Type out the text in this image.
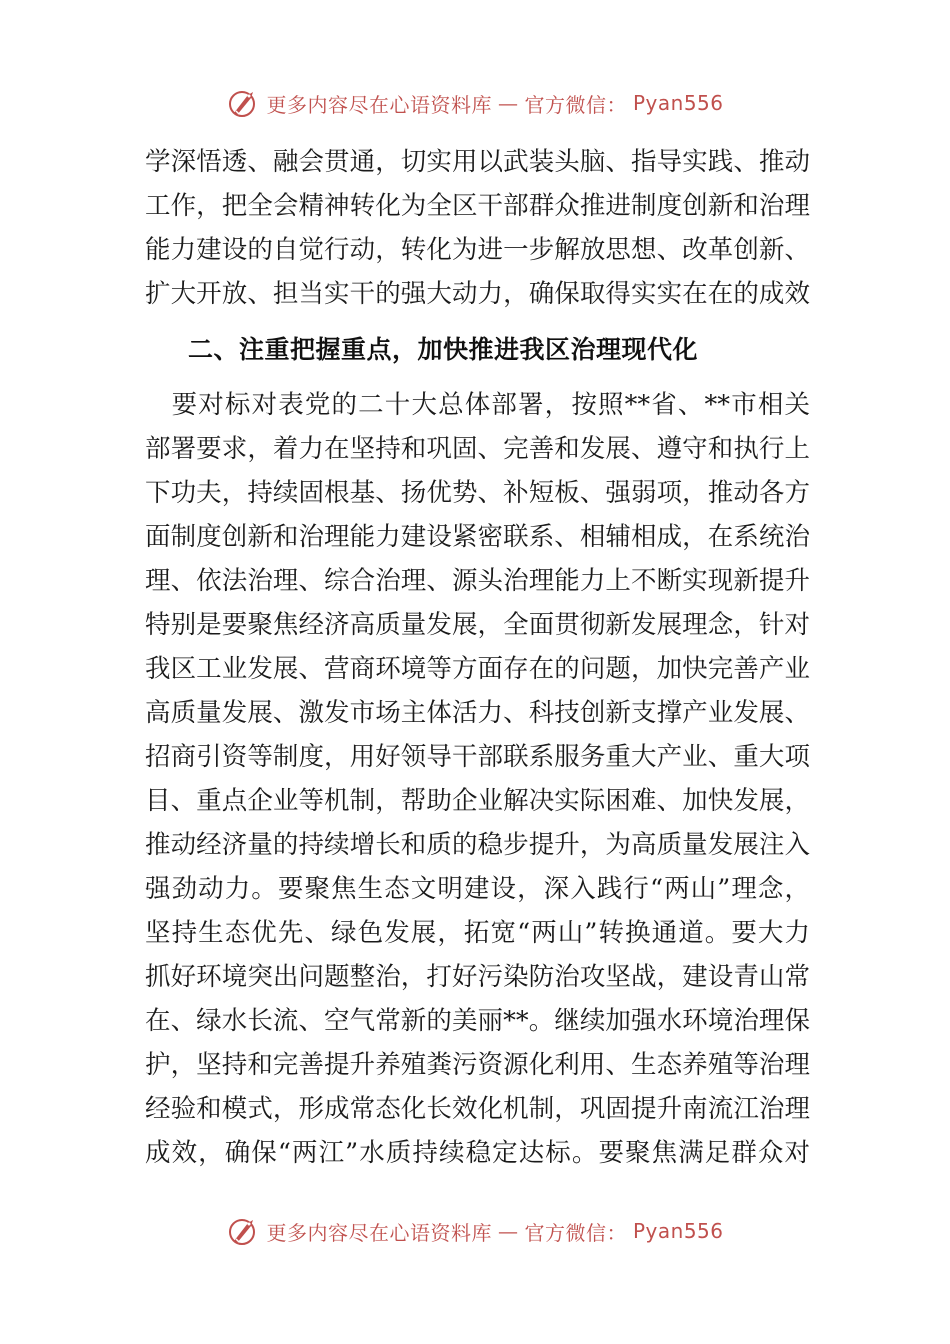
更多内容尽在心语资料库 — 官方微信： Pyan556
学深悟透、融会贯通，切实用以武装头脑、指导实践、推动
工作，把全会精神转化为全区干部群众推进制度创新和治理
能力建设的自觉行动，转化为进一步解放思想、改革创新、
扩大开放、担当实干的强大动力，确保取得实实在在的成效
二、注重把握重点，加快推进我区治理现代化
　要对标对表党的二十大总体部署，按照**省、**市相关
部署要求，着力在坚持和巩固、完善和发展、遵守和执行上
下功夫，持续固根基、扬优势、补短板、强弱项，推动各方
面制度创新和治理能力建设紧密联系、相辅相成，在系统治
理、依法治理、综合治理、源头治理能力上不断实现新提升
特别是要聚焦经济高质量发展，全面贯彻新发展理念，针对
我区工业发展、营商环境等方面存在的问题，加快完善产业
高质量发展、激发市场主体活力、科技创新支撑产业发展、
招商引资等制度，用好领导干部联系服务重大产业、重大项
目、重点企业等机制，帮助企业解决实际困难、加快发展，
推动经济量的持续增长和质的稳步提升，为高质量发展注入
强劲动力。要聚焦生态文明建设，深入践行“两山”理念，
坚持生态优先、绿色发展，拓宽“两山”转换通道。要大力
抓好环境突出问题整治，打好污染防治攻坚战，建设青山常
在、绿水长流、空气常新的美丽**。继续加强水环境治理保
护，坚持和完善提升养殖粪污资源化利用、生态养殖等治理
经验和模式，形成常态化长效化机制，巩固提升南流江治理
成效，确保“两江”水质持续稳定达标。要聚焦满足群众对
更多内容尽在心语资料库 — 官方微信： Pyan556
